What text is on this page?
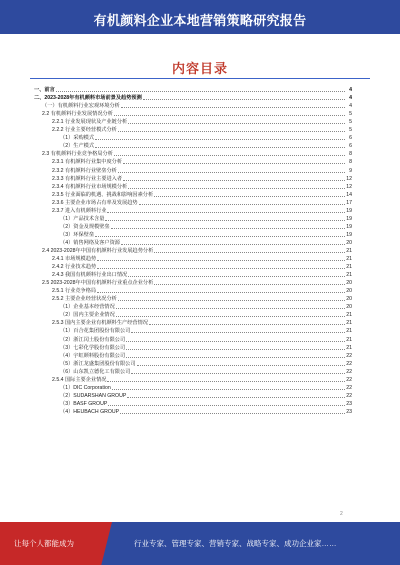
有机颜料企业本地营销策略研究报告
内容目录
一、前言	4
二、2023-2028年有机颜料市场前景及趋势预测	4
（一）有机颜料行业宏观环境分析	4
2.2 有机颜料行业发展情况分析	5
2.2.1 行业发展现状及产业链分析	5
2.2.2 行业主要经营模式分析	5
（1）采购模式	6
（2）生产模式	6
2.3 有机颜料行业竞争格局分析	8
2.3.1 有机颜料行业集中度分析	8
2.3.2 有机颜料行业壁垒分析	9
2.3.3 有机颜料行业主要进入者	12
2.3.4 有机颜料行业市场规模分析	12
2.3.5 行业面临的机遇、挑战和影响因素分析	14
2.3.6 主要企业市场占有率及发展趋势	17
2.3.7 进入有机颜料行业	19
（1）产品技术含量	19
（2）资金及规模壁垒	19
（3）环保壁垒	19
（4）销售网络及客户资源	20
2.4 2023-2028年中国有机颜料行业发展趋势分析	21
2.4.1 市场规模趋势	21
2.4.2 行业技术趋势	21
2.4.3 我国有机颜料行业出口情况	21
2.5 2023-2028年中国有机颜料行业重点企业分析	20
2.5.1 行业竞争格局	20
2.5.2 主要企业经营状况分析	20
（1）企业基本经营情况	20
（2）国内主要企业情况	21
2.5.3 国内主要企业有机颜料生产经营情况	21
（1）百合花集团股份有限公司	21
（2）浙江闰土股份有限公司	21
（3）七彩化学股份有限公司	21
（4）宇虹颜料股份有限公司	22
（5）浙江龙盛集团股份有限公司	22
（6）山东凯立德化工有限公司	22
2.5.4 国际主要企业情况	22
（1）DIC Corporation	22
（2）SUDARSHAN GROUP	22
（3）BASF GROUP	23
（4）HEUBACH GROUP	23
2
让每个人都能成为	行业专家、管理专家、营销专家、战略专家、成功企业家……
